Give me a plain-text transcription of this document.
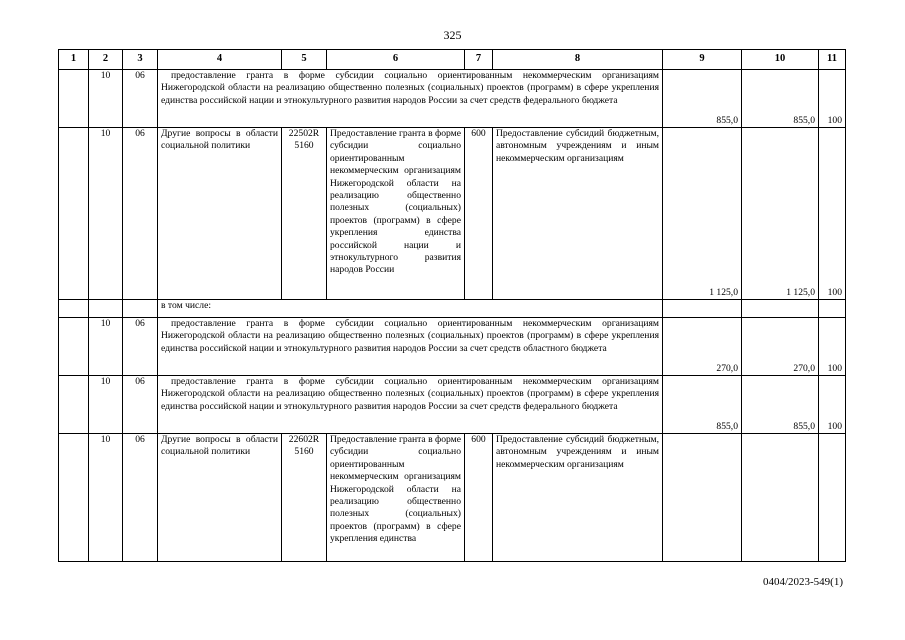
325
1	2	3	4	5	6	7	8	9	10	11
	10	06	предоставление гранта в форме субсидии социально ориентированным некоммерческим организациям Нижегородской области на реализацию общественно полезных (социальных) проектов (программ) в сфере укрепления единства российской нации и этнокультурного развития народов России за счет средств федерального бюджета					855,0	855,0	100
	10	06	Другие вопросы в области социальной политики	22502R 5160	Предоставление гранта в форме субсидии социально ориентированным некоммерческим организациям Нижегородской области на реализацию общественно полезных (социальных) проектов (программ) в сфере укрепления единства российской нации и этнокультурного развития народов России	600	Предоставление субсидий бюджетным, автономным учреждениям и иным некоммерческим организациям	1 125,0	1 125,0	100
			в том числе:							
	10	06	предоставление гранта в форме субсидии социально ориентированным некоммерческим организациям Нижегородской области на реализацию общественно полезных (социальных) проектов (программ) в сфере укрепления единства российской нации и этнокультурного развития народов России за счет средств областного бюджета					270,0	270,0	100
	10	06	предоставление гранта в форме субсидии социально ориентированным некоммерческим организациям Нижегородской области на реализацию общественно полезных (социальных) проектов (программ) в сфере укрепления единства российской нации и этнокультурного развития народов России за счет средств федерального бюджета					855,0	855,0	100
	10	06	Другие вопросы в области социальной политики	22602R 5160	Предоставление гранта в форме субсидии социально ориентированным некоммерческим организациям Нижегородской области на реализацию общественно полезных (социальных) проектов (программ) в сфере укрепления единства	600	Предоставление субсидий бюджетным, автономным учреждениям и иным некоммерческим организациям			
0404/2023-549(1)
